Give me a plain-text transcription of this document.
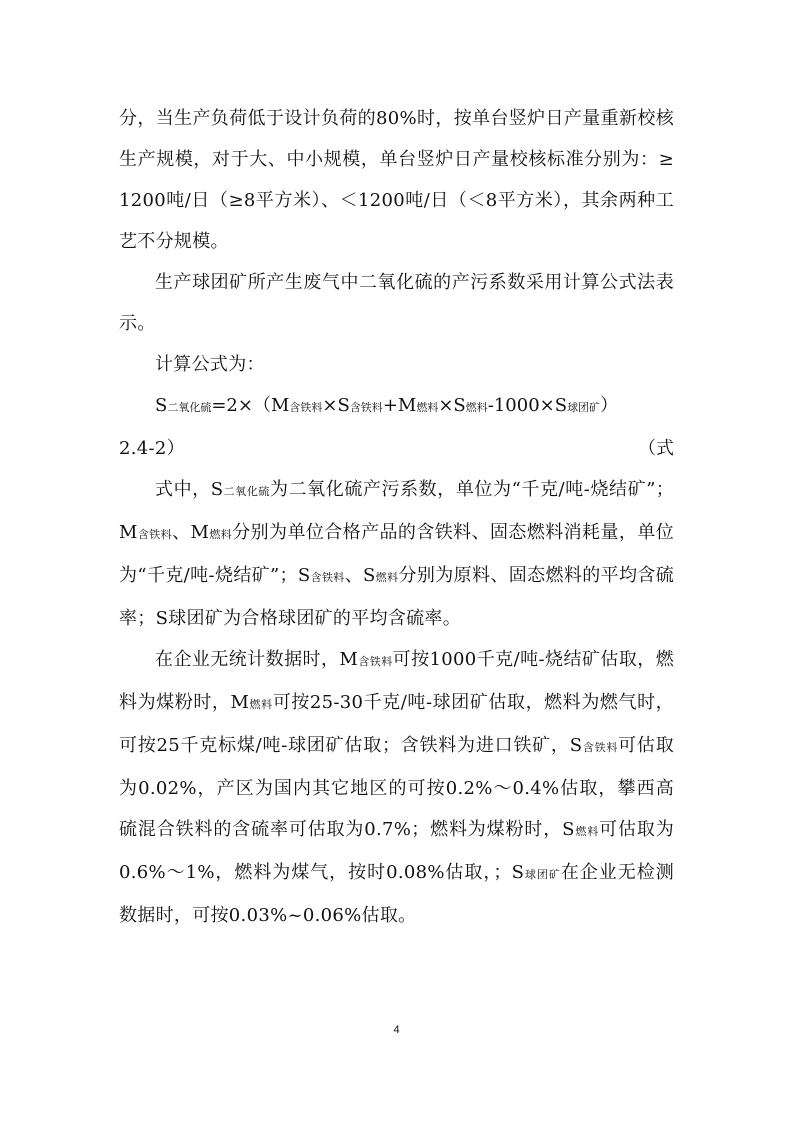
分，当生产负荷低于设计负荷的80%时，按单台竖炉日产量重新校核生产规模，对于大、中小规模，单台竖炉日产量校核标准分别为：≥1200吨/日（≥8平方米）、＜1200吨/日（＜8平方米），其余两种工艺不分规模。

生产球团矿所产生废气中二氧化硫的产污系数采用计算公式法表示。

计算公式为：

S二氧化硫=2×（M含铁料×S含铁料+M燃料×S燃料-1000×S球团矿）
（式

2.4-2）

式中，S二氧化硫为二氧化硫产污系数，单位为“千克/吨-烧结矿”；M含铁料、M燃料分别为单位合格产品的含铁料、固态燃料消耗量，单位为“千克/吨-烧结矿”；S含铁料、S燃料分别为原料、固态燃料的平均含硫率；S球团矿为合格球团矿的平均含硫率。

在企业无统计数据时，M含铁料可按1000千克/吨-烧结矿估取，燃料为煤粉时，M燃料可按25-30千克/吨-球团矿估取，燃料为燃气时，可按25千克标煤/吨-球团矿估取；含铁料为进口铁矿，S含铁料可估取为0.02%，产区为国内其它地区的可按0.2%～0.4%估取，攀西高硫混合铁料的含硫率可估取为0.7%；燃料为煤粉时，S燃料可估取为0.6%～1%，燃料为煤气，按时0.08%估取，；S球团矿在企业无检测数据时，可按0.03%~0.06%估取。

4
